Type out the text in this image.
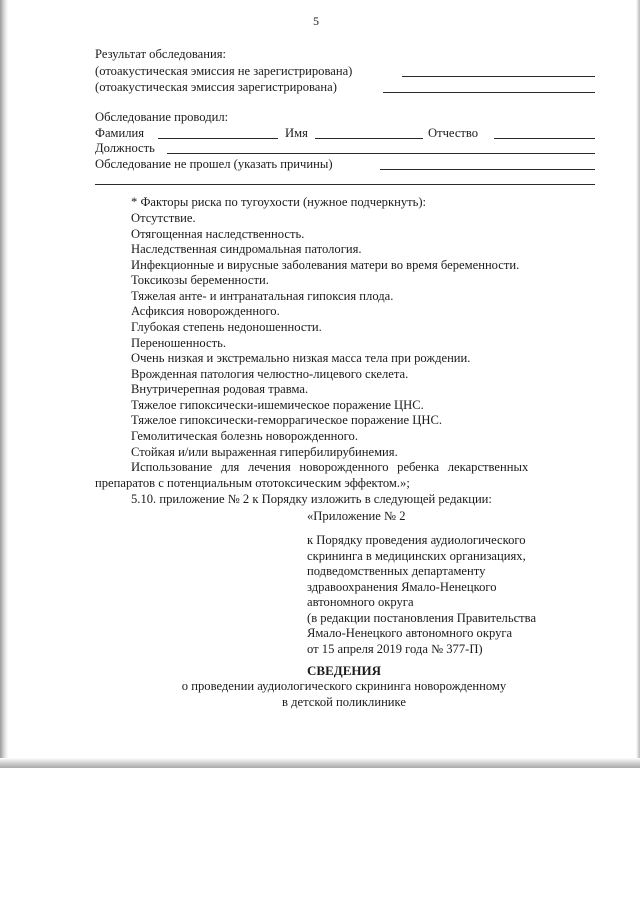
5
Результат обследования:
(отоакустическая эмиссия не зарегистрирована)
(отоакустическая эмиссия зарегистрирована)
Обследование проводил:
Фамилия	Имя	Отчество
Должность
Обследование не прошел (указать причины)
* Факторы риска по тугоухости (нужное подчеркнуть):
Отсутствие.
Отягощенная наследственность.
Наследственная синдромальная патология.
Инфекционные и вирусные заболевания матери во время беременности.
Токсикозы беременности.
Тяжелая анте- и интранатальная гипоксия плода.
Асфиксия новорожденного.
Глубокая степень недоношенности.
Переношенность.
Очень низкая и экстремально низкая масса тела при рождении.
Врожденная патология челюстно-лицевого скелета.
Внутричерепная родовая травма.
Тяжелое гипоксически-ишемическое поражение ЦНС.
Тяжелое гипоксически-геморрагическое поражение ЦНС.
Гемолитическая болезнь новорожденного.
Стойкая и/или выраженная гипербилирубинемия.
Использование для лечения новорожденного ребенка лекарственных
препаратов с потенциальным ототоксическим эффектом.»;
5.10. приложение № 2 к Порядку изложить в следующей редакции:
«Приложение № 2
к Порядку проведения аудиологического
скрининга в медицинских организациях,
подведомственных департаменту
здравоохранения Ямало-Ненецкого
автономного округа
(в редакции постановления Правительства
Ямало-Ненецкого автономного округа
от 15 апреля 2019 года № 377-П)
СВЕДЕНИЯ
о проведении аудиологического скрининга новорожденному
в детской поликлинике
